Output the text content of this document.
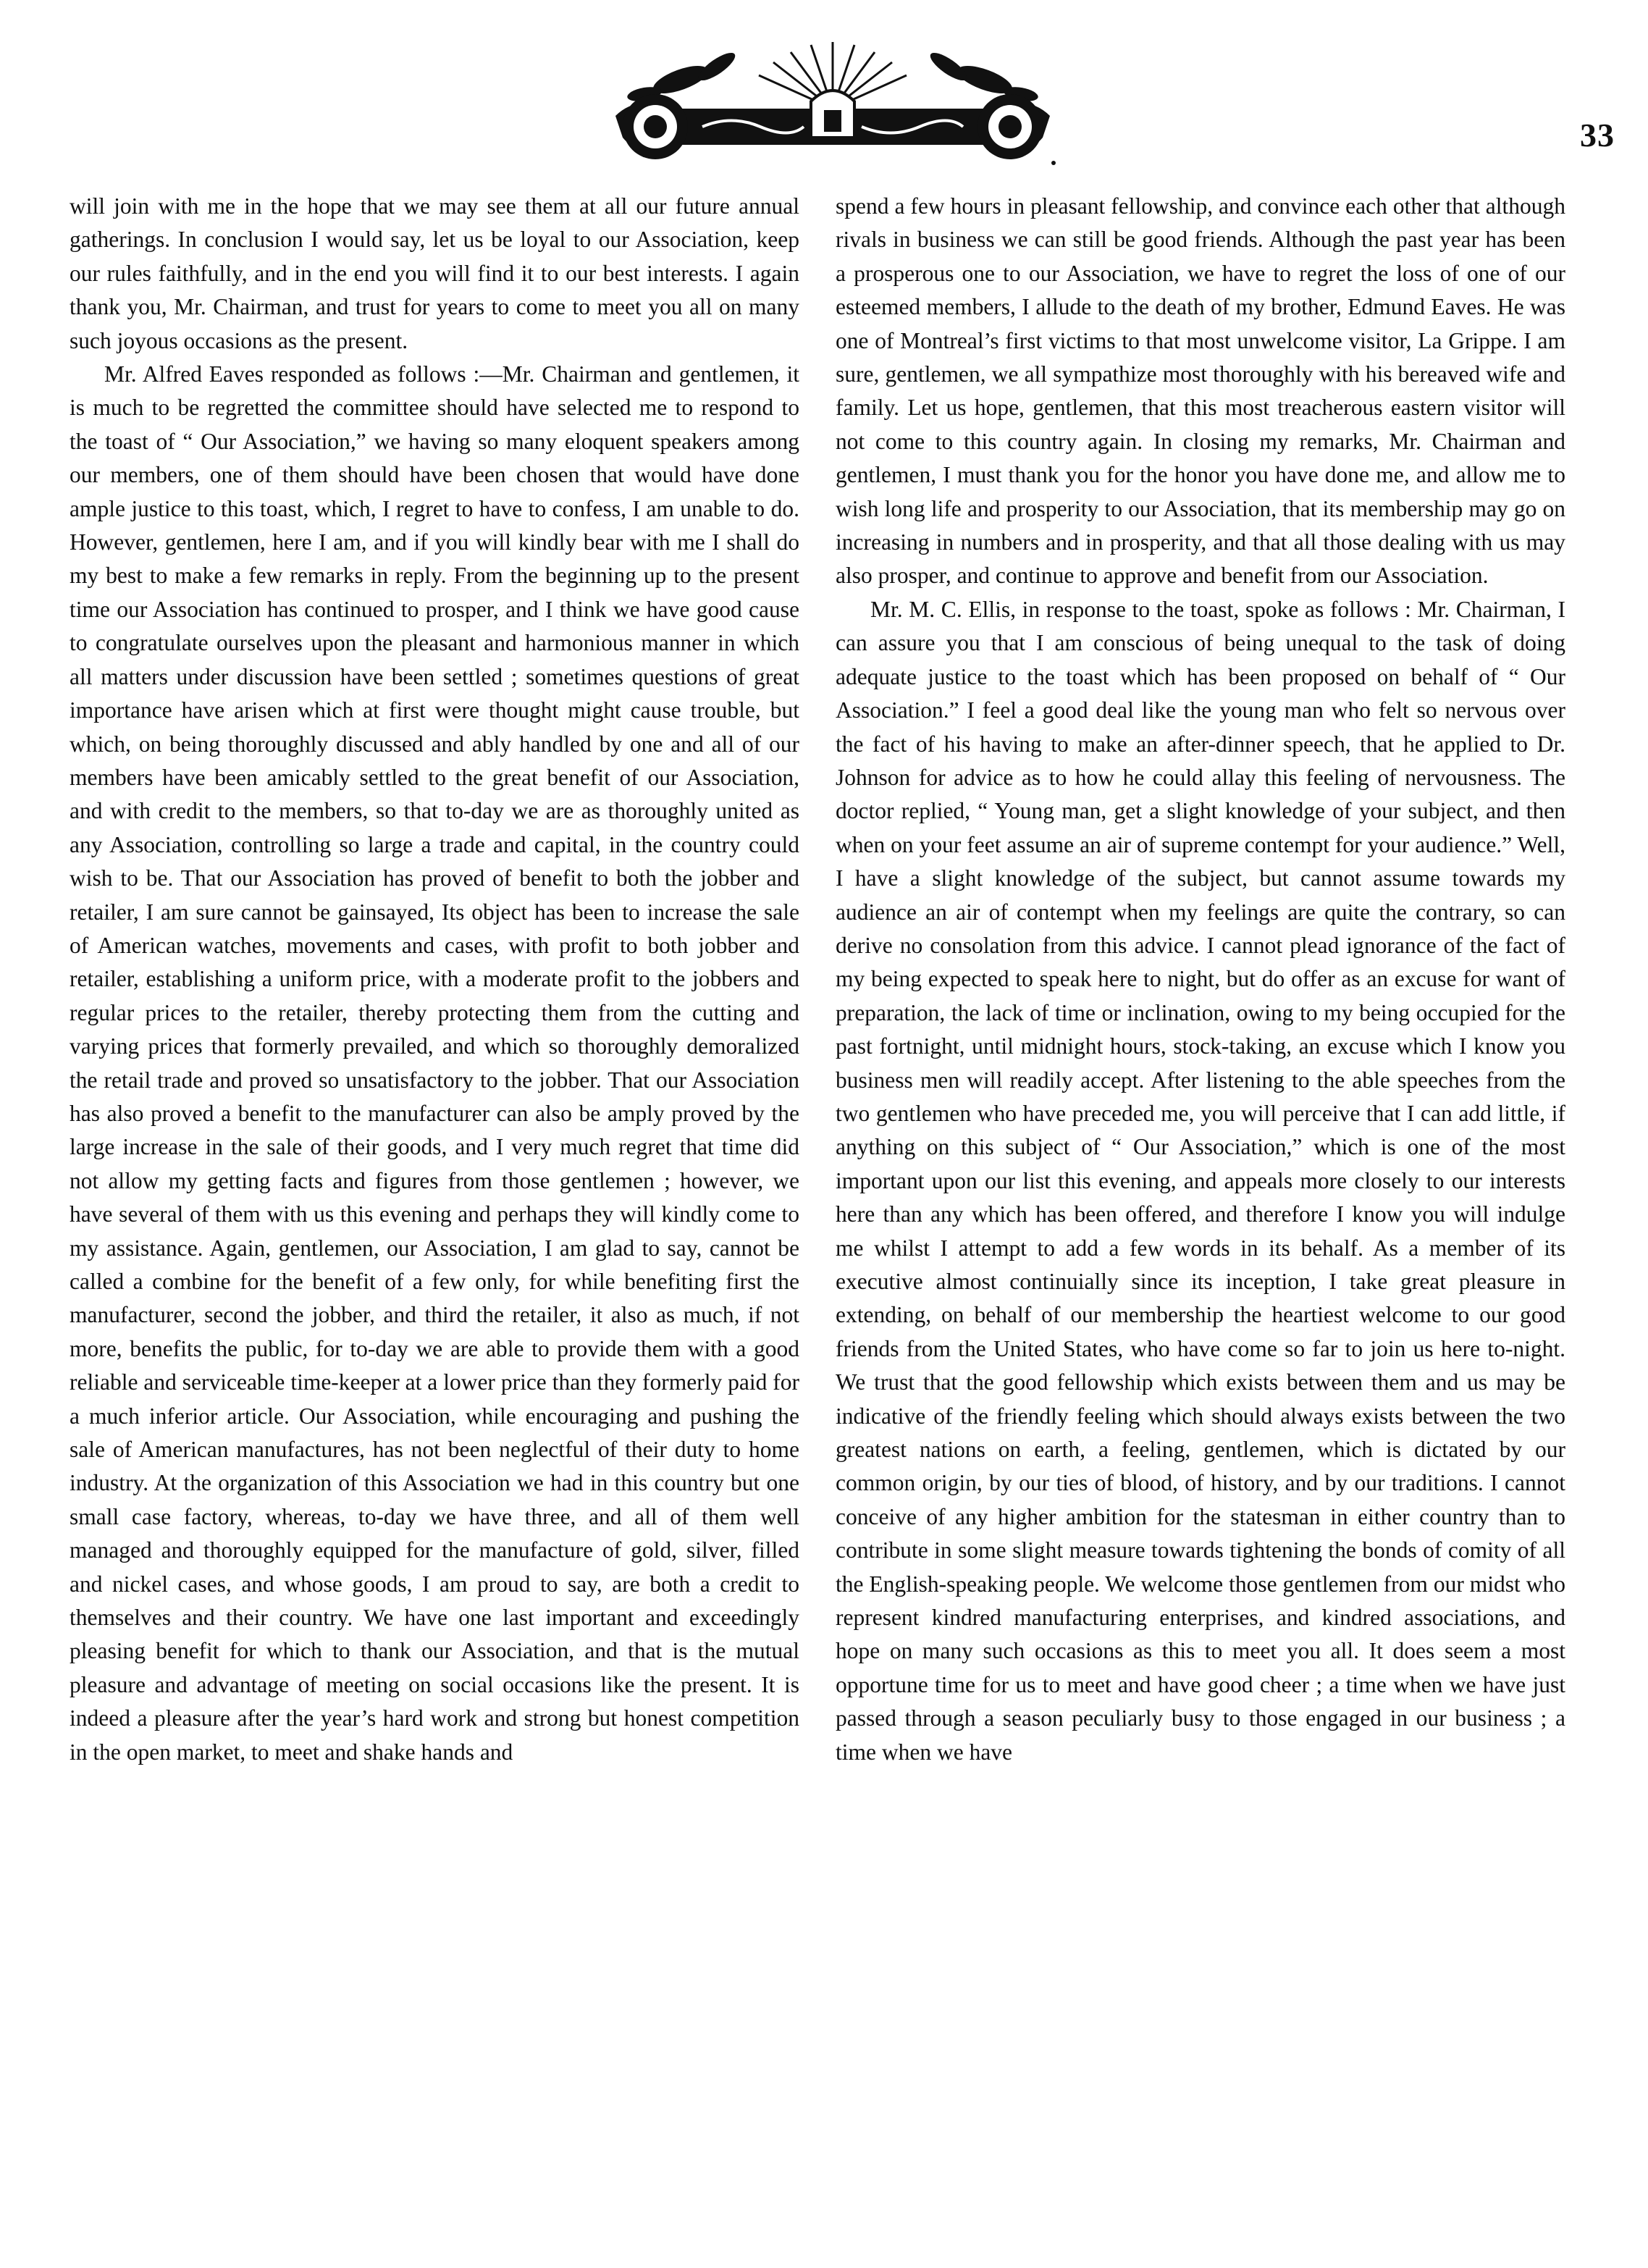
33

will join with me in the hope that we may see them at all our future annual gatherings. In conclusion I would say, let us be loyal to our Association, keep our rules faithfully, and in the end you will find it to our best interests. I again thank you, Mr. Chairman, and trust for years to come to meet you all on many such joyous occasions as the present.

Mr. Alfred Eaves responded as follows :—Mr. Chairman and gentlemen, it is much to be regretted the committee should have selected me to respond to the toast of “ Our Association,” we having so many eloquent speakers among our members, one of them should have been chosen that would have done ample justice to this toast, which, I regret to have to confess, I am unable to do. However, gentlemen, here I am, and if you will kindly bear with me I shall do my best to make a few remarks in reply. From the beginning up to the present time our Association has continued to prosper, and I think we have good cause to congratulate ourselves upon the pleasant and harmonious manner in which all matters under discussion have been settled ; sometimes questions of great importance have arisen which at first were thought might cause trouble, but which, on being thoroughly discussed and ably handled by one and all of our members have been amicably settled to the great benefit of our Association, and with credit to the members, so that to-day we are as thoroughly united as any Association, controlling so large a trade and capital, in the country could wish to be. That our Association has proved of benefit to both the jobber and retailer, I am sure cannot be gainsayed, Its object has been to increase the sale of American watches, movements and cases, with profit to both jobber and retailer, establishing a uniform price, with a moderate profit to the jobbers and regular prices to the retailer, thereby protecting them from the cutting and varying prices that formerly prevailed, and which so thoroughly demoralized the retail trade and proved so unsatisfactory to the jobber. That our Association has also proved a benefit to the manufacturer can also be amply proved by the large increase in the sale of their goods, and I very much regret that time did not allow my getting facts and figures from those gentlemen ; however, we have several of them with us this evening and perhaps they will kindly come to my assistance. Again, gentlemen, our Association, I am glad to say, cannot be called a combine for the benefit of a few only, for while benefiting first the manufacturer, second the jobber, and third the retailer, it also as much, if not more, benefits the public, for to-day we are able to provide them with a good reliable and serviceable time-keeper at a lower price than they formerly paid for a much inferior article. Our Association, while encouraging and pushing the sale of American manufactures, has not been neglectful of their duty to home industry. At the organization of this Association we had in this country but one small case factory, whereas, to-day we have three, and all of them well managed and thoroughly equipped for the manufacture of gold, silver, filled and nickel cases, and whose goods, I am proud to say, are both a credit to themselves and their country. We have one last important and exceedingly pleasing benefit for which to thank our Association, and that is the mutual pleasure and advantage of meeting on social occasions like the present. It is indeed a pleasure after the year’s hard work and strong but honest competition in the open market, to meet and shake hands and

spend a few hours in pleasant fellowship, and convince each other that although rivals in business we can still be good friends. Although the past year has been a prosperous one to our Association, we have to regret the loss of one of our esteemed members, I allude to the death of my brother, Edmund Eaves. He was one of Montreal’s first victims to that most unwelcome visitor, La Grippe. I am sure, gentlemen, we all sympathize most thoroughly with his bereaved wife and family. Let us hope, gentlemen, that this most treacherous eastern visitor will not come to this country again. In closing my remarks, Mr. Chairman and gentlemen, I must thank you for the honor you have done me, and allow me to wish long life and prosperity to our Association, that its membership may go on increasing in numbers and in prosperity, and that all those dealing with us may also prosper, and continue to approve and benefit from our Association.

Mr. M. C. Ellis, in response to the toast, spoke as follows : Mr. Chairman, I can assure you that I am conscious of being unequal to the task of doing adequate justice to the toast which has been proposed on behalf of “ Our Association.” I feel a good deal like the young man who felt so nervous over the fact of his having to make an after-dinner speech, that he applied to Dr. Johnson for advice as to how he could allay this feeling of nervousness. The doctor replied, “ Young man, get a slight knowledge of your subject, and then when on your feet assume an air of supreme contempt for your audience.” Well, I have a slight knowledge of the subject, but cannot assume towards my audience an air of contempt when my feelings are quite the contrary, so can derive no consolation from this advice. I cannot plead ignorance of the fact of my being expected to speak here to night, but do offer as an excuse for want of preparation, the lack of time or inclination, owing to my being occupied for the past fortnight, until midnight hours, stock-taking, an excuse which I know you business men will readily accept. After listening to the able speeches from the two gentlemen who have preceded me, you will perceive that I can add little, if anything on this subject of “ Our Association,” which is one of the most important upon our list this evening, and appeals more closely to our interests here than any which has been offered, and therefore I know you will indulge me whilst I attempt to add a few words in its behalf. As a member of its executive almost continuially since its inception, I take great pleasure in extending, on behalf of our membership the heartiest welcome to our good friends from the United States, who have come so far to join us here to-night. We trust that the good fellowship which exists between them and us may be indicative of the friendly feeling which should always exists between the two greatest nations on earth, a feeling, gentlemen, which is dictated by our common origin, by our ties of blood, of history, and by our traditions. I cannot conceive of any higher ambition for the statesman in either country than to contribute in some slight measure towards tightening the bonds of comity of all the English-speaking people. We welcome those gentlemen from our midst who represent kindred manufacturing enterprises, and kindred associations, and hope on many such occasions as this to meet you all. It does seem a most opportune time for us to meet and have good cheer ; a time when we have just passed through a season peculiarly busy to those engaged in our business ; a time when we have
